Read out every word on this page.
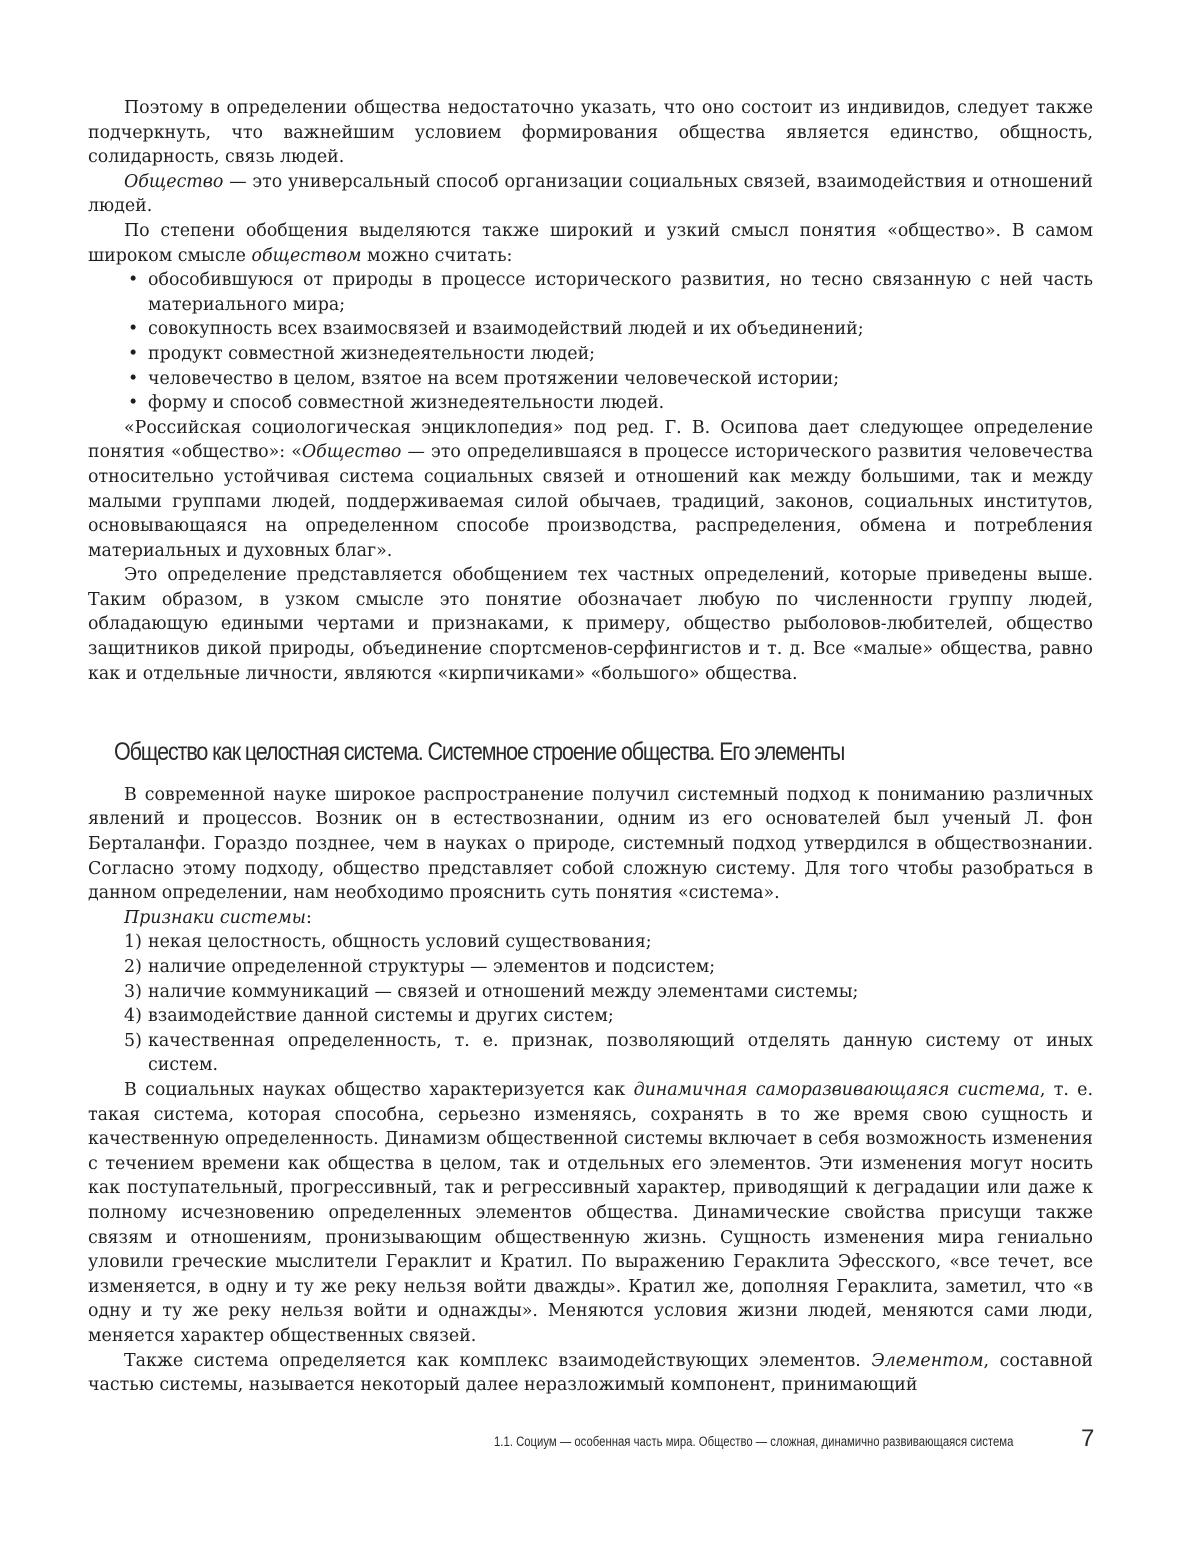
Поэтому в определении общества недостаточно указать, что оно состоит из индивидов, следует также подчеркнуть, что важнейшим условием формирования общества является единство, общность, солидарность, связь людей.

Общество — это универсальный способ организации социальных связей, взаимодействия и отношений людей.

По степени обобщения выделяются также широкий и узкий смысл понятия «общество». В самом широком смысле обществом можно считать:

• обособившуюся от природы в процессе исторического развития, но тесно связанную с ней часть материального мира;
• совокупность всех взаимосвязей и взаимодействий людей и их объединений;
• продукт совместной жизнедеятельности людей;
• человечество в целом, взятое на всем протяжении человеческой истории;
• форму и способ совместной жизнедеятельности людей.

«Российская социологическая энциклопедия» под ред. Г. В. Осипова дает следующее определение понятия «общество»: «Общество — это определившаяся в процессе исторического развития человечества относительно устойчивая система социальных связей и отношений как между большими, так и между малыми группами людей, поддерживаемая силой обычаев, традиций, законов, социальных институтов, основывающаяся на определенном способе производства, распределения, обмена и потребления материальных и духовных благ».

Это определение представляется обобщением тех частных определений, которые приведены выше. Таким образом, в узком смысле это понятие обозначает любую по численности группу людей, обладающую едиными чертами и признаками, к примеру, общество рыболовов-любителей, общество защитников дикой природы, объединение спортсменов-серфингистов и т. д. Все «малые» общества, равно как и отдельные личности, являются «кирпичиками» «большого» общества.

Общество как целостная система. Системное строение общества. Его элементы

В современной науке широкое распространение получил системный подход к пониманию различных явлений и процессов. Возник он в естествознании, одним из его основателей был ученый Л. фон Берталанфи. Гораздо позднее, чем в науках о природе, системный подход утвердился в обществознании. Согласно этому подходу, общество представляет собой сложную систему. Для того чтобы разобраться в данном определении, нам необходимо прояснить суть понятия «система».

Признаки системы:

1) некая целостность, общность условий существования;
2) наличие определенной структуры — элементов и подсистем;
3) наличие коммуникаций — связей и отношений между элементами системы;
4) взаимодействие данной системы и других систем;
5) качественная определенность, т. е. признак, позволяющий отделять данную систему от иных систем.

В социальных науках общество характеризуется как динамичная саморазвивающаяся система, т. е. такая система, которая способна, серьезно изменяясь, сохранять в то же время свою сущность и качественную определенность. Динамизм общественной системы включает в себя возможность изменения с течением времени как общества в целом, так и отдельных его элементов. Эти изменения могут носить как поступательный, прогрессивный, так и регрессивный характер, приводящий к деградации или даже к полному исчезновению определенных элементов общества. Динамические свойства присущи также связям и отношениям, пронизывающим общественную жизнь. Сущность изменения мира гениально уловили греческие мыслители Гераклит и Кратил. По выражению Гераклита Эфесского, «все течет, все изменяется, в одну и ту же реку нельзя войти дважды». Кратил же, дополняя Гераклита, заметил, что «в одну и ту же реку нельзя войти и однажды». Меняются условия жизни людей, меняются сами люди, меняется характер общественных связей.

Также система определяется как комплекс взаимодействующих элементов. Элементом, составной частью системы, называется некоторый далее неразложимый компонент, принимающий

1.1. Социум — особенная часть мира. Общество — сложная, динамично развивающаяся система	7
